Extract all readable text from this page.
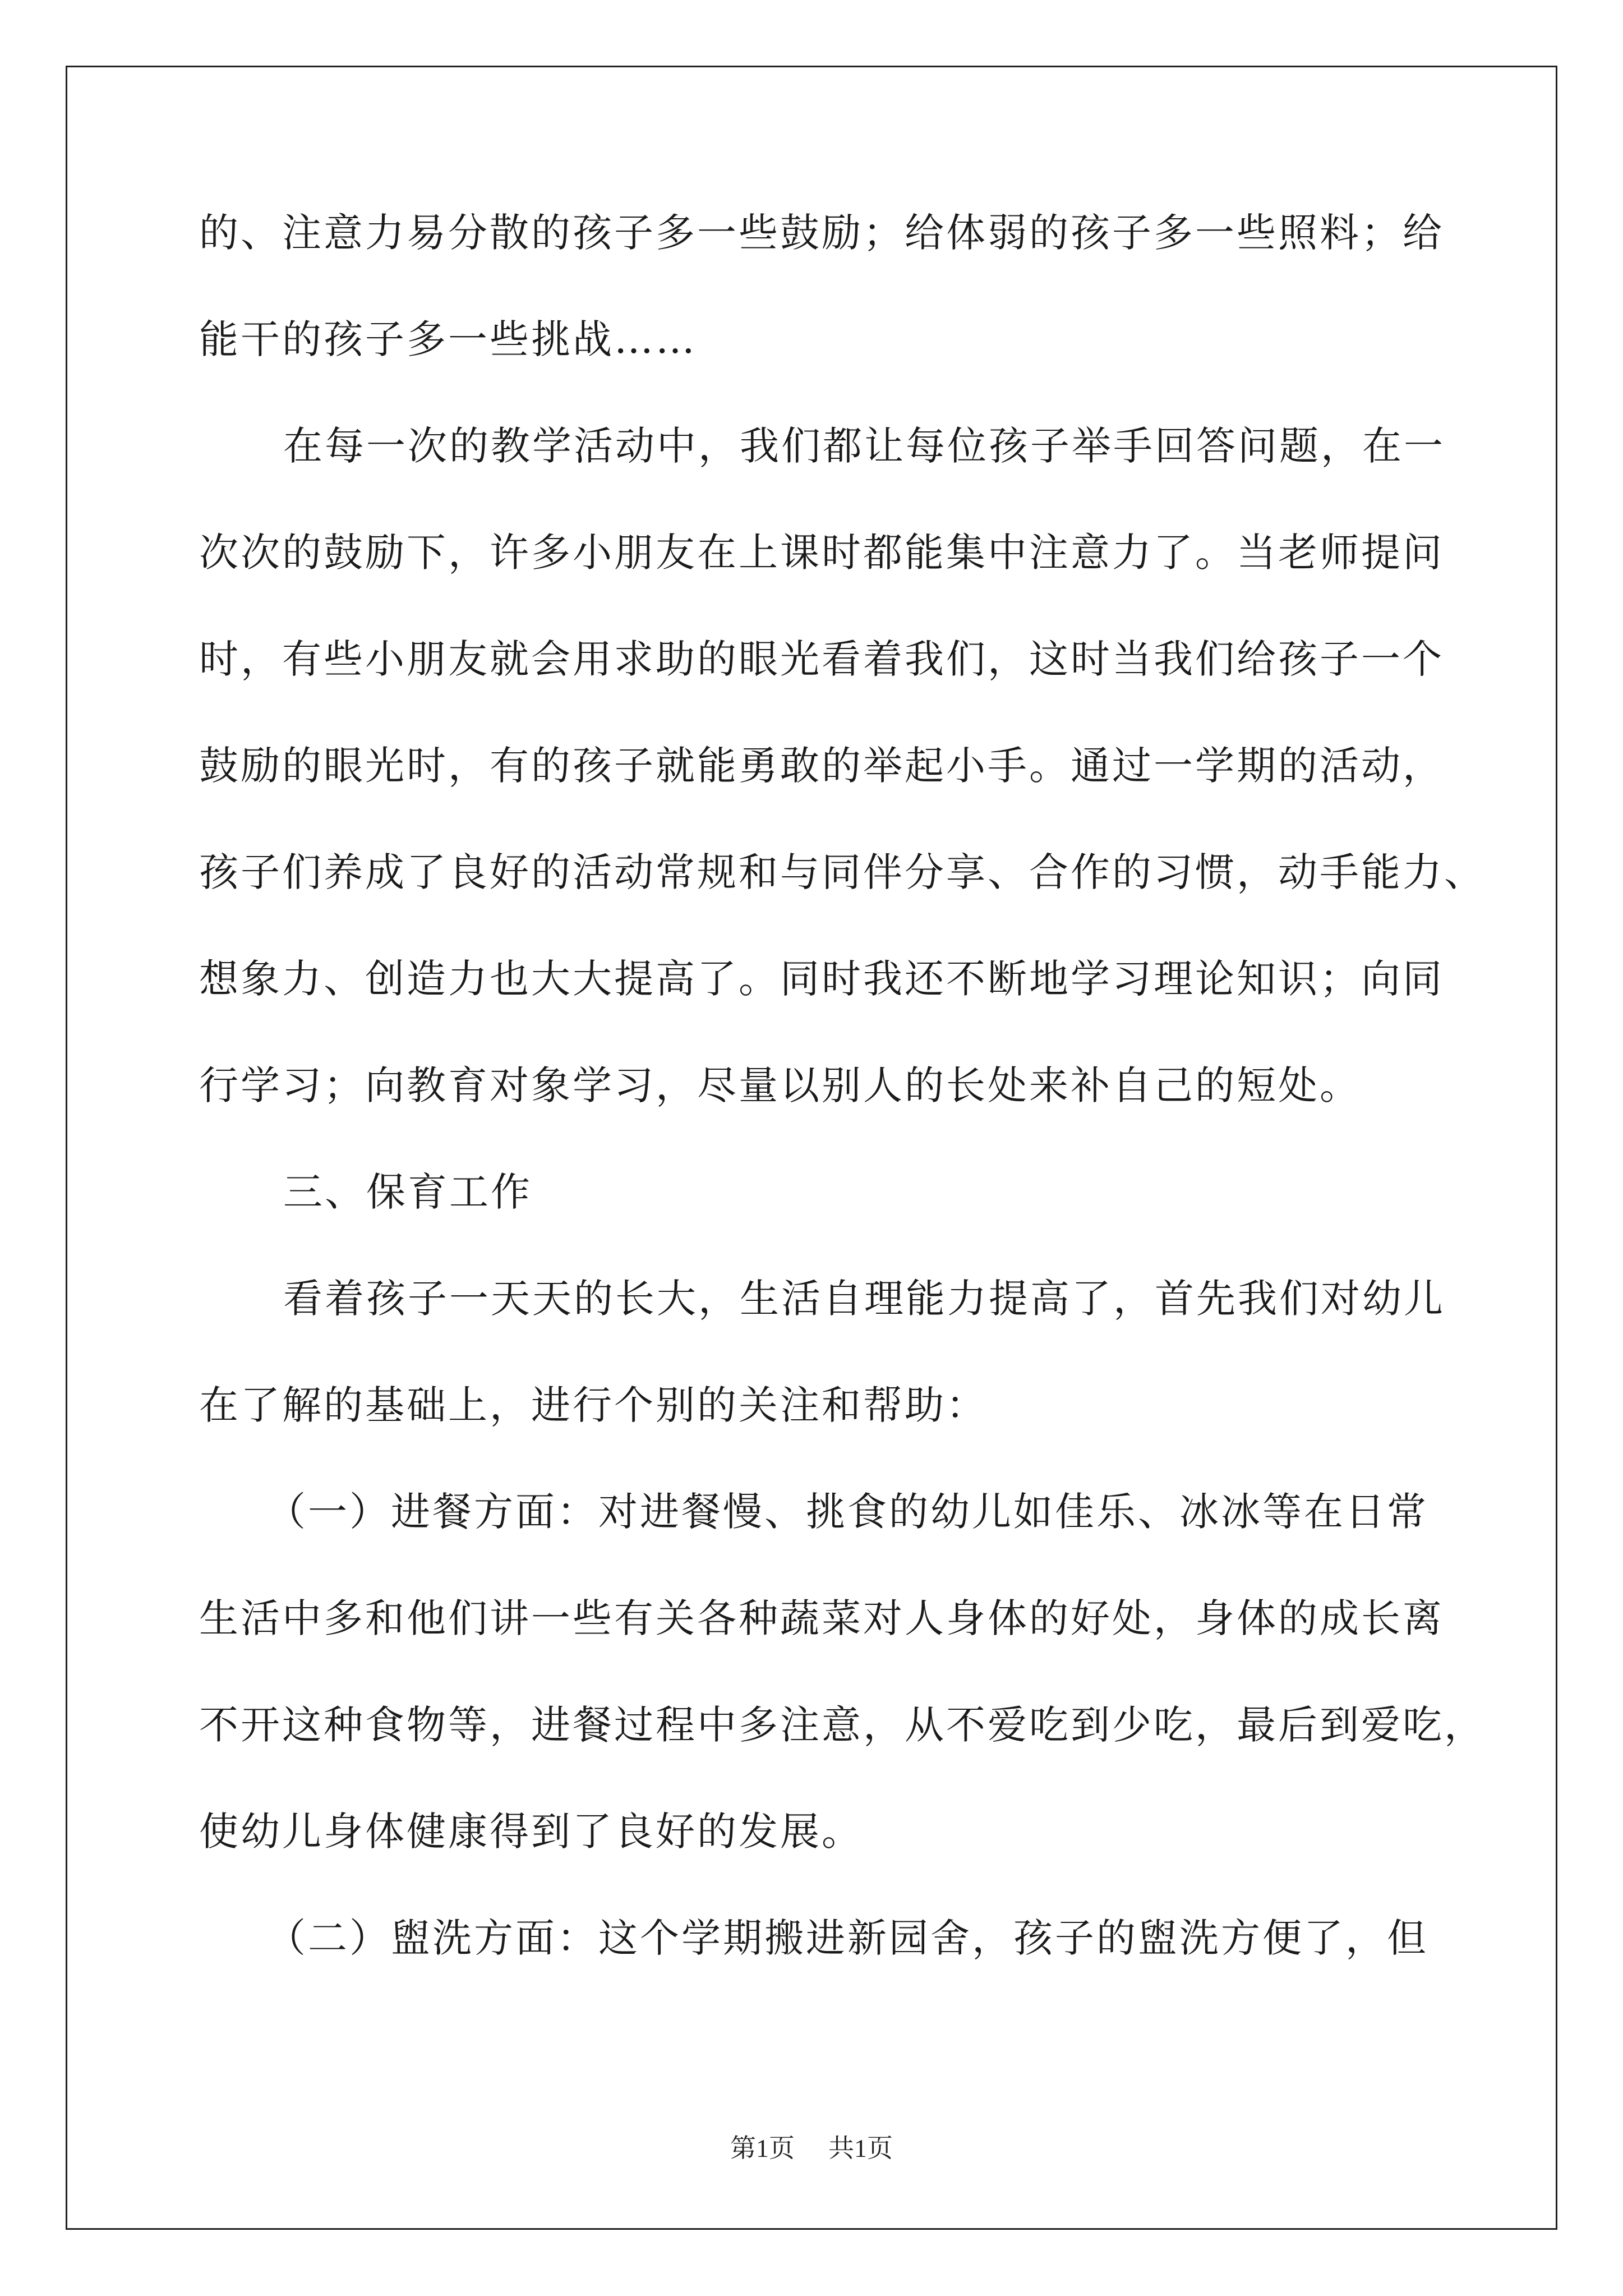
的、注意力易分散的孩子多一些鼓励；给体弱的孩子多一些照料；给
能干的孩子多一些挑战……
在每一次的教学活动中，我们都让每位孩子举手回答问题，在一
次次的鼓励下，许多小朋友在上课时都能集中注意力了。当老师提问
时，有些小朋友就会用求助的眼光看着我们，这时当我们给孩子一个
鼓励的眼光时，有的孩子就能勇敢的举起小手。通过一学期的活动，
孩子们养成了良好的活动常规和与同伴分享、合作的习惯，动手能力、
想象力、创造力也大大提高了。同时我还不断地学习理论知识；向同
行学习；向教育对象学习，尽量以别人的长处来补自己的短处。
三、保育工作
看着孩子一天天的长大，生活自理能力提高了，首先我们对幼儿
在了解的基础上，进行个别的关注和帮助：
（一）进餐方面：对进餐慢、挑食的幼儿如佳乐、冰冰等在日常
生活中多和他们讲一些有关各种蔬菜对人身体的好处，身体的成长离
不开这种食物等，进餐过程中多注意，从不爱吃到少吃，最后到爱吃，
使幼儿身体健康得到了良好的发展。
（二）盥洗方面：这个学期搬进新园舍，孩子的盥洗方便了，但
第1页 共1页
